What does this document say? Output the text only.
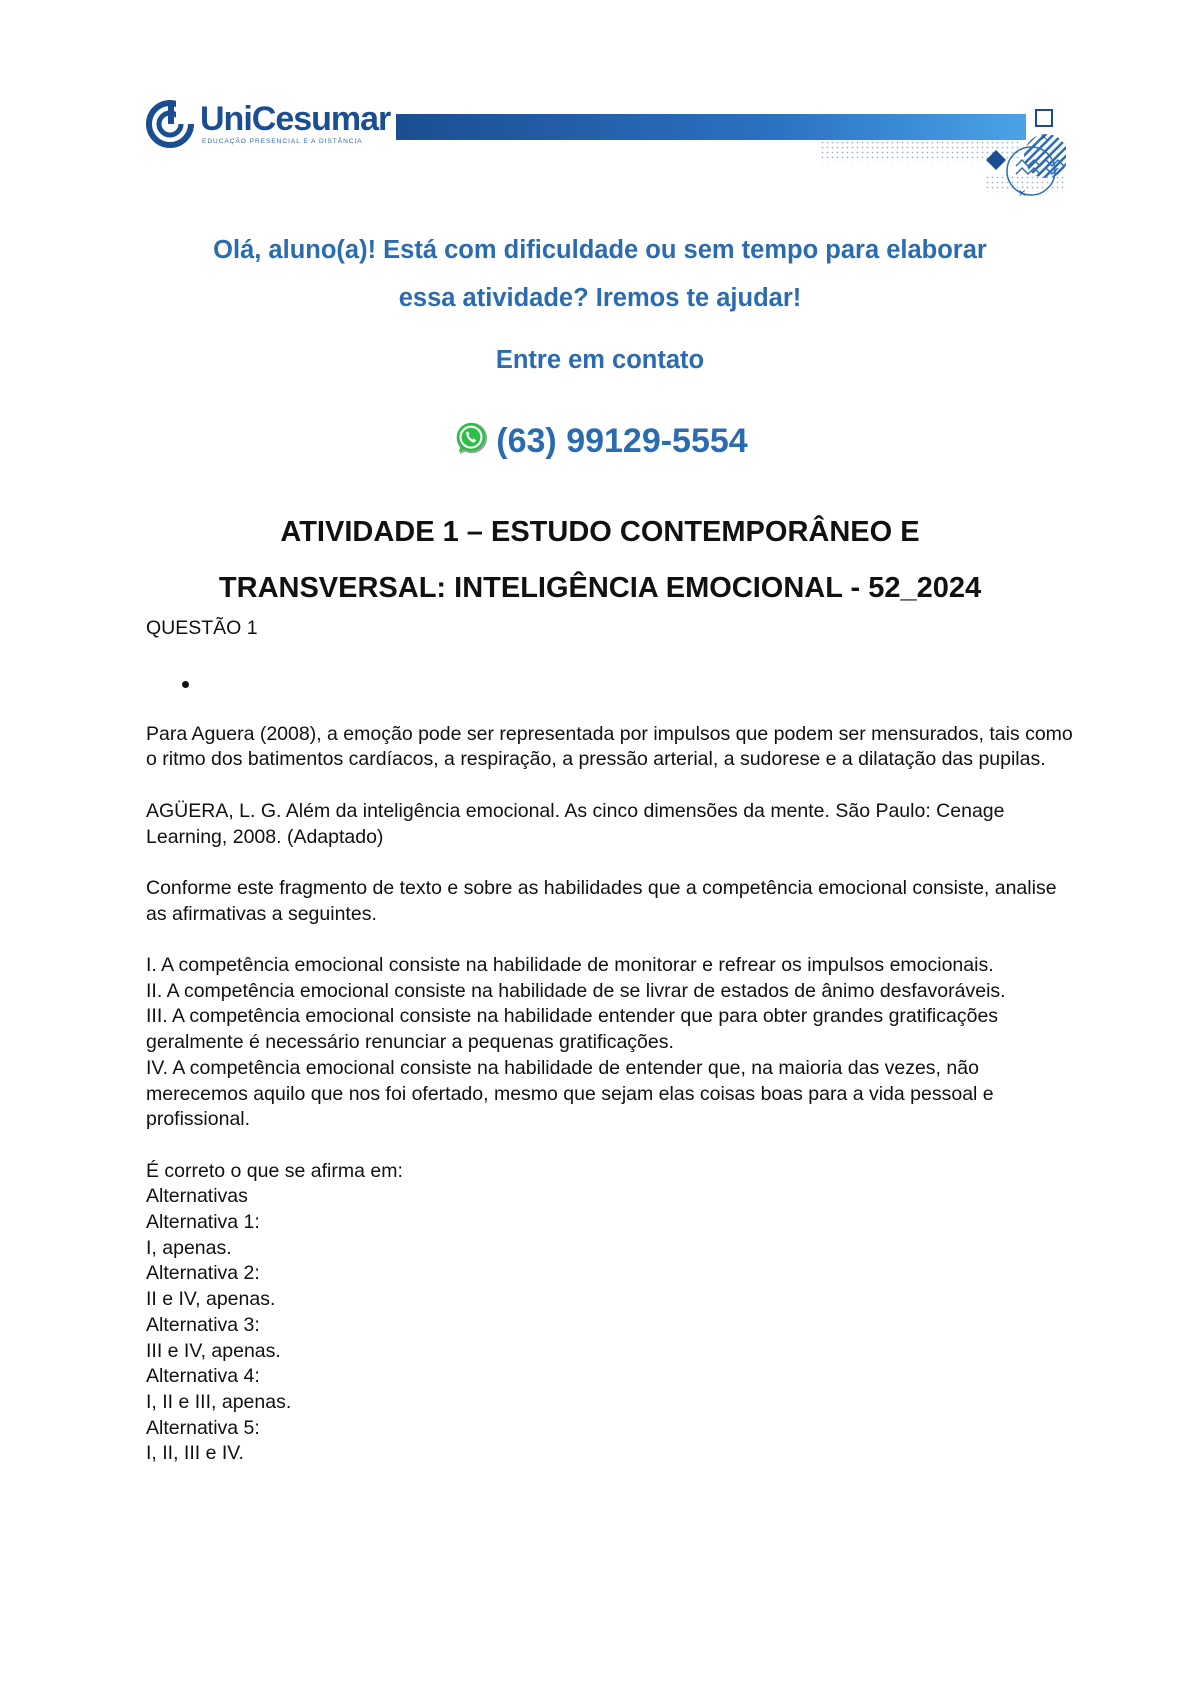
UniCesumar
EDUCAÇÃO PRESENCIAL E A DISTÂNCIA	×
×
Olá, aluno(a)! Está com dificuldade ou sem tempo para elaborar
essa atividade? Iremos te ajudar!
Entre em contato
(63) 99129-5554
ATIVIDADE 1 – ESTUDO CONTEMPORÂNEO E
TRANSVERSAL: INTELIGÊNCIA EMOCIONAL - 52_2024
QUESTÃO 1

Para Aguera (2008), a emoção pode ser representada por impulsos que podem ser mensurados, tais como o ritmo dos batimentos cardíacos, a respiração, a pressão arterial, a sudorese e a dilatação das pupilas.

AGÜERA, L. G. Além da inteligência emocional. As cinco dimensões da mente. São Paulo: Cenage Learning, 2008. (Adaptado)

Conforme este fragmento de texto e sobre as habilidades que a competência emocional consiste, analise as afirmativas a seguintes.

I. A competência emocional consiste na habilidade de monitorar e refrear os impulsos emocionais.

II. A competência emocional consiste na habilidade de se livrar de estados de ânimo desfavoráveis.

III. A competência emocional consiste na habilidade entender que para obter grandes gratificações geralmente é necessário renunciar a pequenas gratificações.

IV. A competência emocional consiste na habilidade de entender que, na maioria das vezes, não merecemos aquilo que nos foi ofertado, mesmo que sejam elas coisas boas para a vida pessoal e profissional.

É correto o que se afirma em:

Alternativas

Alternativa 1:

I, apenas.

Alternativa 2:

II e IV, apenas.

Alternativa 3:

III e IV, apenas.

Alternativa 4:

I, II e III, apenas.

Alternativa 5:

I, II, III e IV.
